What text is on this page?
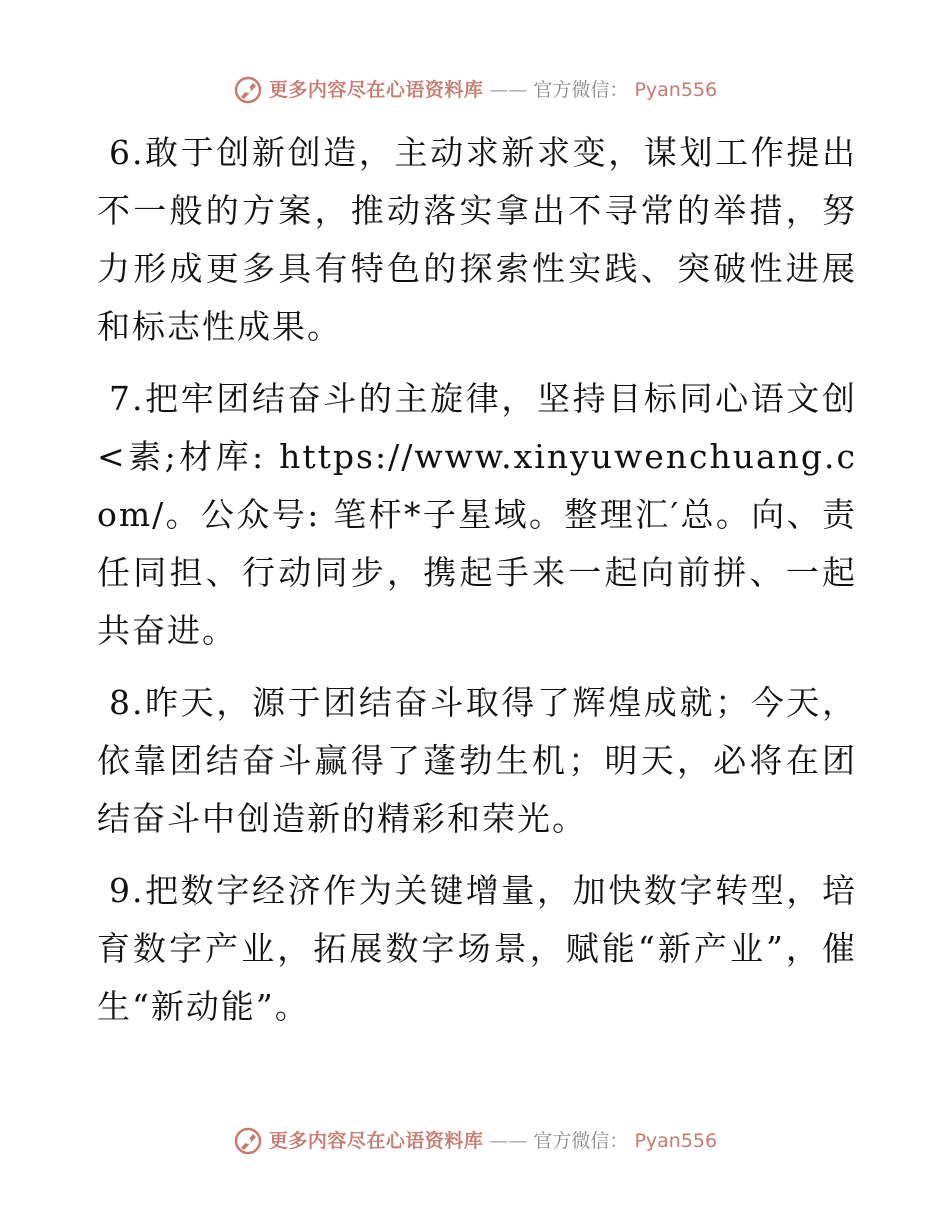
更多内容尽在心语资料库 —— 官方微信： Pyan556

6.敢于创新创造，主动求新求变，谋划工作提出不一般的方案，推动落实拿出不寻常的举措，努力形成更多具有特色的探索性实践、突破性进展和标志性成果。

7.把牢团结奋斗的主旋律，坚持目标同心语文创<素;材库: https://www.xinyuwenchuang.com/。公众号: 笔杆*子星域。整理汇′总。向、责任同担、行动同步，携起手来一起向前拼、一起共奋进。

8.昨天，源于团结奋斗取得了辉煌成就；今天，依靠团结奋斗赢得了蓬勃生机；明天，必将在团结奋斗中创造新的精彩和荣光。

9.把数字经济作为关键增量，加快数字转型，培育数字产业，拓展数字场景，赋能“新产业”，催生“新动能”。

更多内容尽在心语资料库 —— 官方微信： Pyan556
